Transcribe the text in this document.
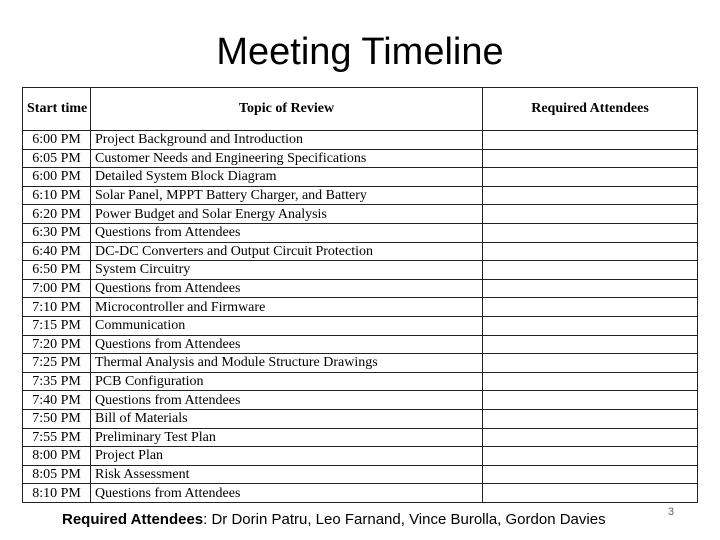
Meeting Timeline
Start time	Topic of Review	Required Attendees
6:00 PM	Project Background and Introduction	
6:05 PM	Customer Needs and Engineering Specifications	
6:00 PM	Detailed System Block Diagram	
6:10 PM	Solar Panel, MPPT Battery Charger, and Battery	
6:20 PM	Power Budget and Solar Energy Analysis	
6:30 PM	Questions from Attendees	
6:40 PM	DC-DC Converters and Output Circuit Protection	
6:50 PM	System Circuitry	
7:00 PM	Questions from Attendees	
7:10 PM	Microcontroller and Firmware	
7:15 PM	Communication	
7:20 PM	Questions from Attendees	
7:25 PM	Thermal Analysis and Module Structure Drawings	
7:35 PM	PCB Configuration	
7:40 PM	Questions from Attendees	
7:50 PM	Bill of Materials	
7:55 PM	Preliminary Test Plan	
8:00 PM	Project Plan	
8:05 PM	Risk Assessment	
8:10 PM	Questions from Attendees	
Required Attendees: Dr Dorin Patru, Leo Farnand, Vince Burolla, Gordon Davies	3
